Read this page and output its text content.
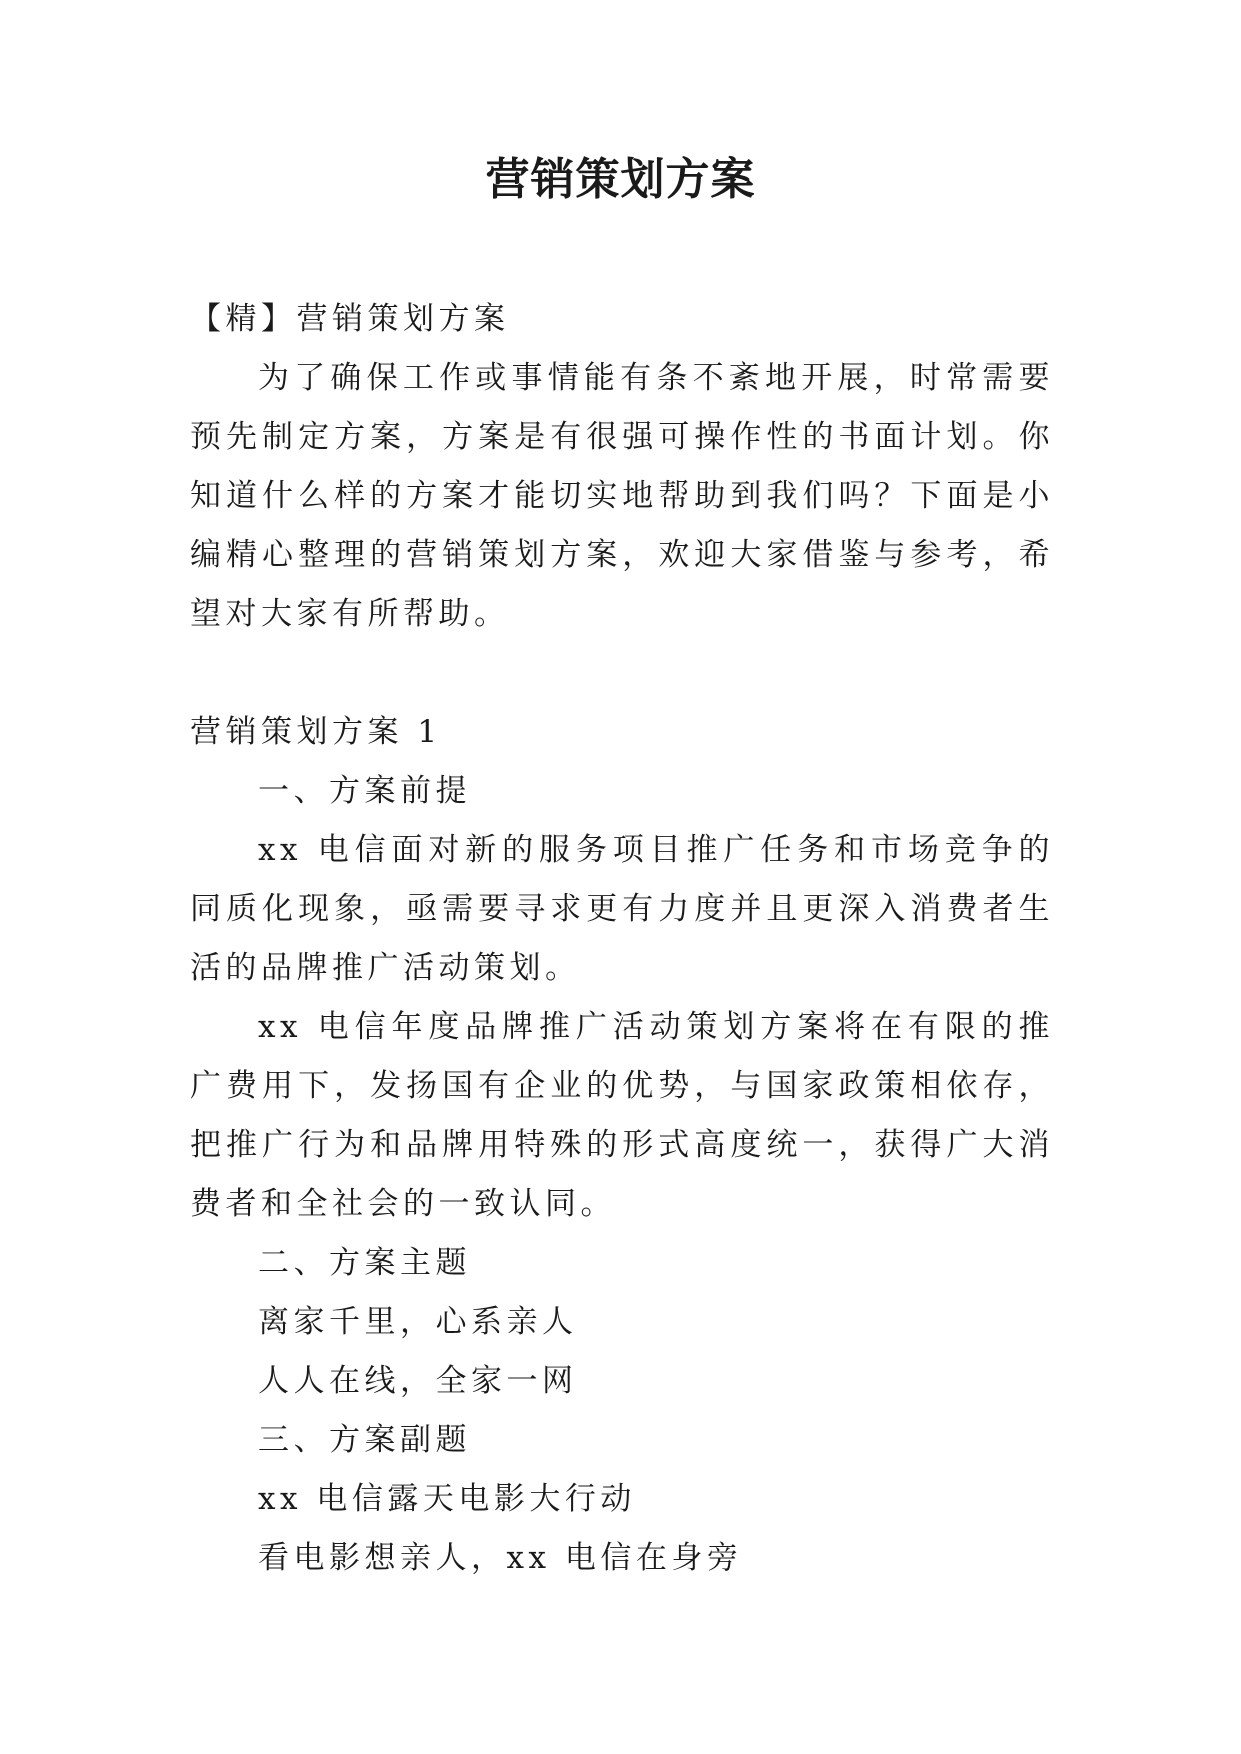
营销策划方案

【精】营销策划方案

为了确保工作或事情能有条不紊地开展，时常需要预先制定方案，方案是有很强可操作性的书面计划。你知道什么样的方案才能切实地帮助到我们吗？下面是小编精心整理的营销策划方案，欢迎大家借鉴与参考，希望对大家有所帮助。

营销策划方案 1

一、方案前提

xx 电信面对新的服务项目推广任务和市场竞争的同质化现象，亟需要寻求更有力度并且更深入消费者生活的品牌推广活动策划。

xx 电信年度品牌推广活动策划方案将在有限的推广费用下，发扬国有企业的优势，与国家政策相依存，把推广行为和品牌用特殊的形式高度统一，获得广大消费者和全社会的一致认同。

二、方案主题

离家千里，心系亲人

人人在线，全家一网

三、方案副题

xx 电信露天电影大行动

看电影想亲人，xx 电信在身旁
